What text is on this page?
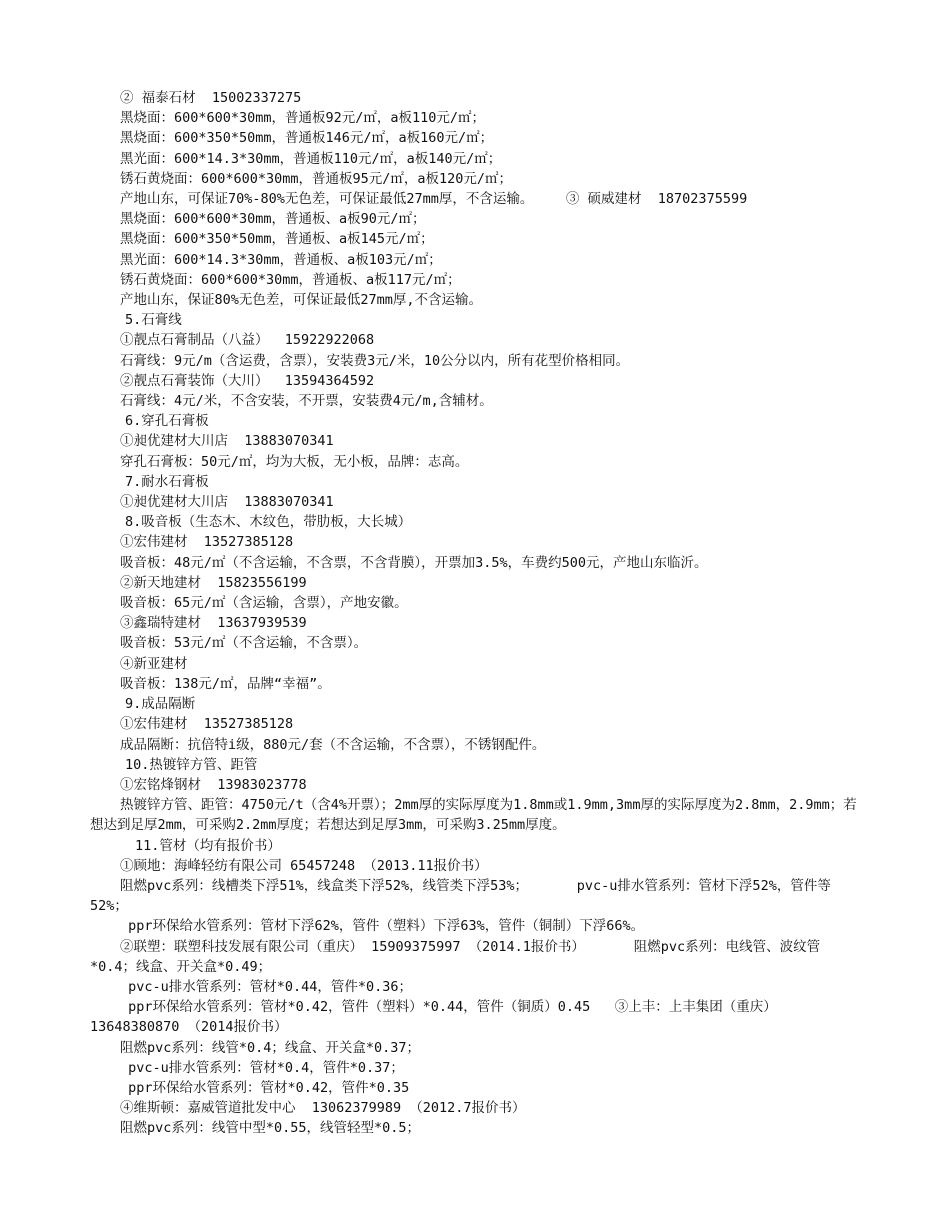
② 福泰石材  15002337275
黑烧面：600*600*30mm，普通板92元/㎡，a板110元/㎡；
黑烧面：600*350*50mm，普通板146元/㎡，a板160元/㎡；
黑光面：600*14.3*30mm，普通板110元/㎡，a板140元/㎡；
锈石黄烧面：600*600*30mm，普通板95元/㎡，a板120元/㎡；
产地山东，可保证70%-80%无色差，可保证最低27mm厚，不含运输。    ③ 硕威建材  18702375599
黑烧面：600*600*30mm，普通板、a板90元/㎡；
黑烧面：600*350*50mm，普通板、a板145元/㎡；
黑光面：600*14.3*30mm，普通板、a板103元/㎡；
锈石黄烧面：600*600*30mm，普通板、a板117元/㎡；
产地山东，保证80%无色差，可保证最低27mm厚,不含运输。
5.石膏线
①靓点石膏制品（八益）  15922922068
石膏线：9元/m（含运费，含票），安装费3元/米，10公分以内，所有花型价格相同。
②靓点石膏装饰（大川）  13594364592
石膏线：4元/米，不含安装，不开票，安装费4元/m,含辅材。
6.穿孔石膏板
①昶优建材大川店  13883070341
穿孔石膏板：50元/㎡，均为大板，无小板，品牌：志高。
7.耐水石膏板
①昶优建材大川店  13883070341
8.吸音板（生态木、木纹色，带肋板，大长城）
①宏伟建材  13527385128
吸音板：48元/㎡（不含运输，不含票，不含背膜），开票加3.5%，车费约500元，产地山东临沂。
②新天地建材  15823556199
吸音板：65元/㎡（含运输，含票），产地安徽。
③鑫瑞特建材  13637939539
吸音板：53元/㎡（不含运输，不含票）。
④新亚建材
吸音板：138元/㎡，品牌“幸福”。
9.成品隔断
①宏伟建材  13527385128
成品隔断：抗倍特i级，880元/套（不含运输，不含票），不锈钢配件。
10.热镀锌方管、距管
①宏铭烽钢材  13983023778
热镀锌方管、距管：4750元/t（含4%开票）；2mm厚的实际厚度为1.8mm或1.9mm,3mm厚的实际厚度为2.8mm，2.9mm；若想达到足厚2mm，可采购2.2mm厚度；若想达到足厚3mm，可采购3.25mm厚度。
11.管材（均有报价书）
①顾地：海峰轻纺有限公司 65457248 （2013.11报价书）
阻燃pvc系列：线槽类下浮51%，线盒类下浮52%，线管类下浮53%；      pvc-u排水管系列：管材下浮52%，管件等52%；
ppr环保给水管系列：管材下浮62%，管件（塑料）下浮63%，管件（铜制）下浮66%。
②联塑：联塑科技发展有限公司（重庆） 15909375997 （2014.1报价书）      阻燃pvc系列：电线管、波纹管*0.4；线盒、开关盒*0.49；
pvc-u排水管系列：管材*0.44，管件*0.36；
ppr环保给水管系列：管材*0.42，管件（塑料）*0.44，管件（铜质）0.45   ③上丰：上丰集团（重庆）  13648380870 （2014报价书）
阻燃pvc系列：线管*0.4；线盒、开关盒*0.37；
pvc-u排水管系列：管材*0.4，管件*0.37；
ppr环保给水管系列：管材*0.42，管件*0.35
④维斯顿：嘉威管道批发中心  13062379989 （2012.7报价书）
阻燃pvc系列：线管中型*0.55，线管轻型*0.5；
